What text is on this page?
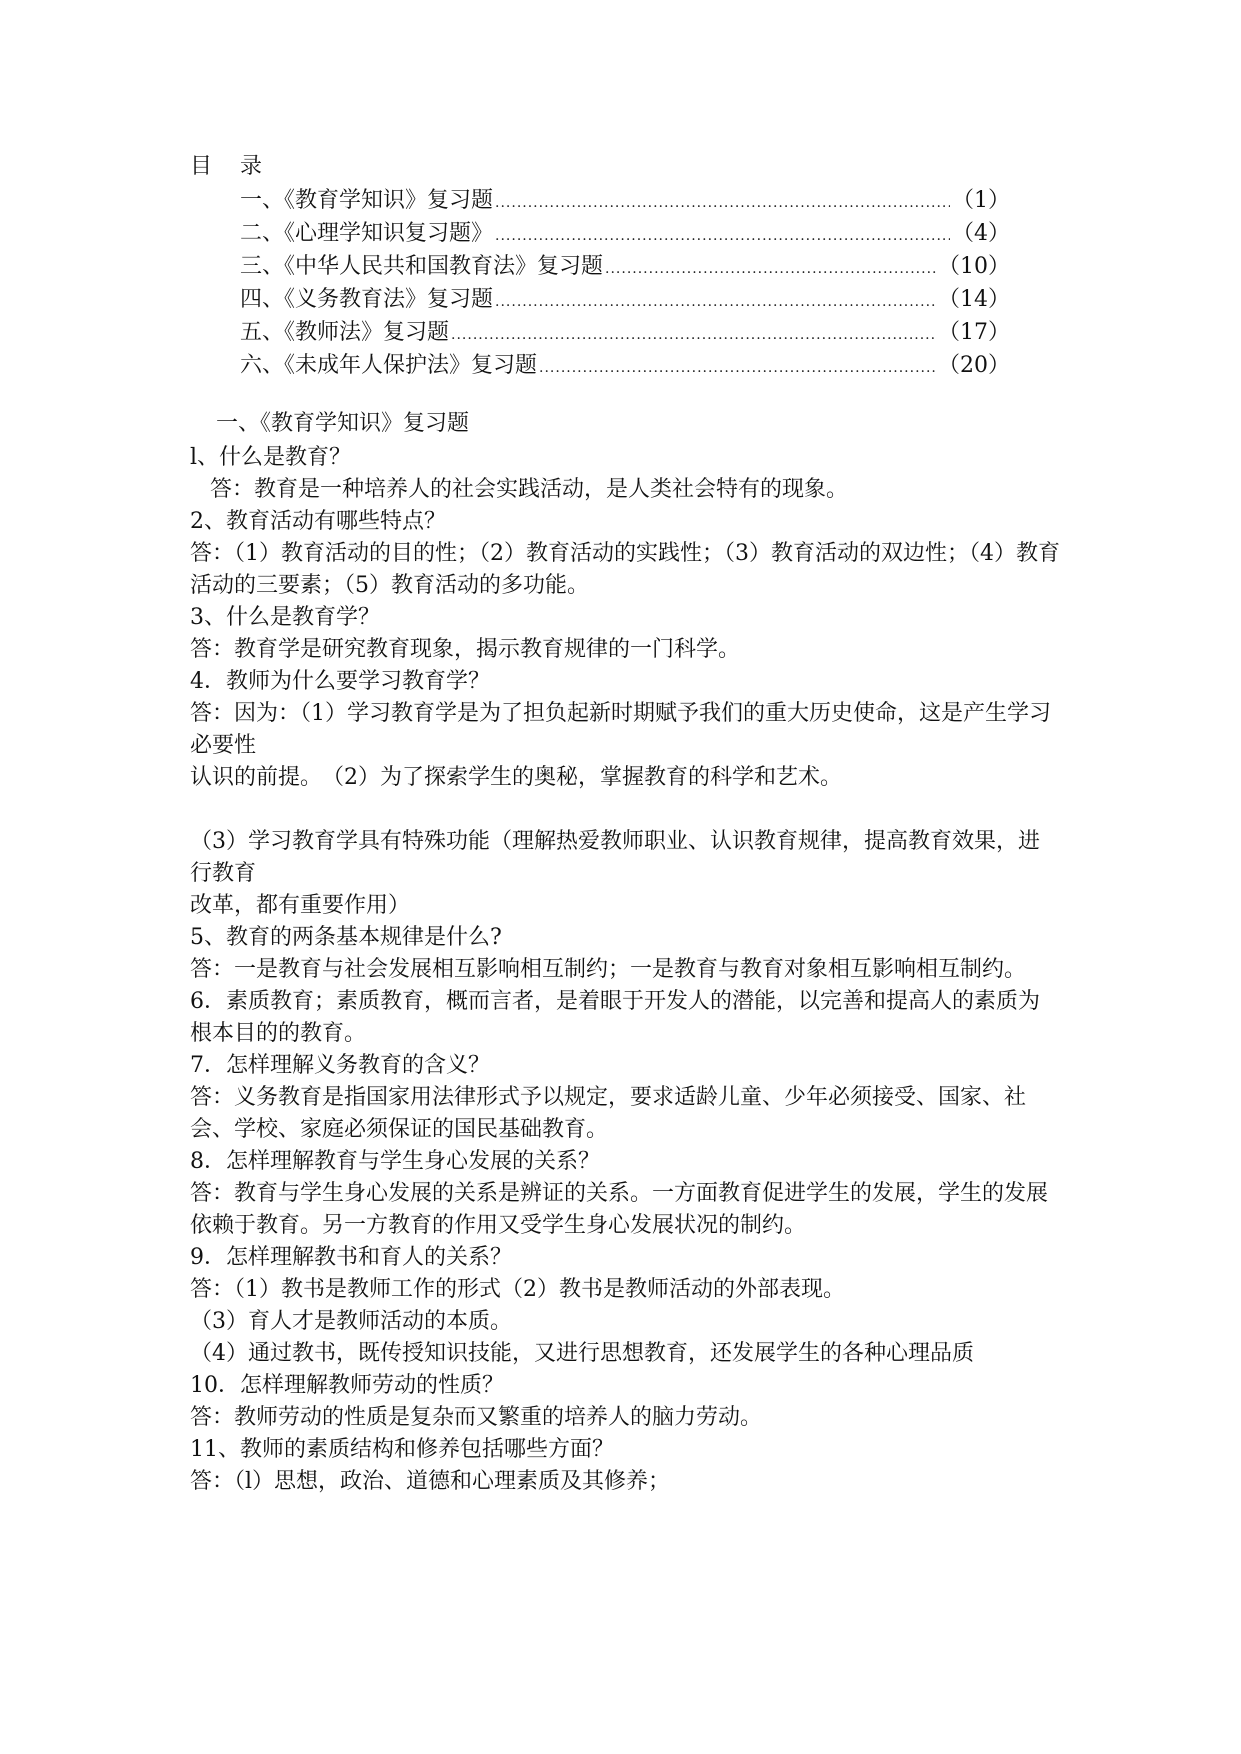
目 录
一、《教育学知识》复习题 .....	（1）
二、《心理学知识复习题》 .....	（4）
三、《中华人民共和国教育法》复习题 .....	（10）
四、《义务教育法》复习题 .....	（14）
五、《教师法》复习题 .....	（17）
六、《未成年人保护法》复习题 .....	（20）

一、《教育学知识》复习题

l、什么是教育？

答：教育是一种培养人的社会实践活动，是人类社会特有的现象。

2、教育活动有哪些特点？

答：（1）教育活动的目的性；（2）教育活动的实践性；（3）教育活动的双边性；（4）教育活动的三要素；（5）教育活动的多功能。

3、什么是教育学？

答：教育学是研究教育现象，揭示教育规律的一门科学。

4．教师为什么要学习教育学？

答：因为：（1）学习教育学是为了担负起新时期赋予我们的重大历史使命，这是产生学习必要性

认识的前提。　（2）为了探索学生的奥秘，掌握教育的科学和艺术。

（3）学习教育学具有特殊功能（理解热爱教师职业、认识教育规律，提高教育效果，进行教育

改革，都有重要作用）

5、教育的两条基本规律是什么?

答：一是教育与社会发展相互影响相互制约；一是教育与教育对象相互影响相互制约。

6．素质教育；素质教育，概而言者，是着眼于开发人的潜能，以完善和提高人的素质为根本目的的教育。

7．怎样理解义务教育的含义？

答：义务教育是指国家用法律形式予以规定，要求适龄儿童、少年必须接受、国家、社会、学校、家庭必须保证的国民基础教育。

8．怎样理解教育与学生身心发展的关系？

答：教育与学生身心发展的关系是辨证的关系。一方面教育促进学生的发展，学生的发展依赖于教育。另一方教育的作用又受学生身心发展状况的制约。

9．怎样理解教书和育人的关系？

答：（1）教书是教师工作的形式（2）教书是教师活动的外部表现。

（3）育人才是教师活动的本质。

（4）通过教书，既传授知识技能，又进行思想教育，还发展学生的各种心理品质

10．怎样理解教师劳动的性质？

答：教师劳动的性质是复杂而又繁重的培养人的脑力劳动。

11、教师的素质结构和修养包括哪些方面？

答：（l）思想，政治、道德和心理素质及其修养；
